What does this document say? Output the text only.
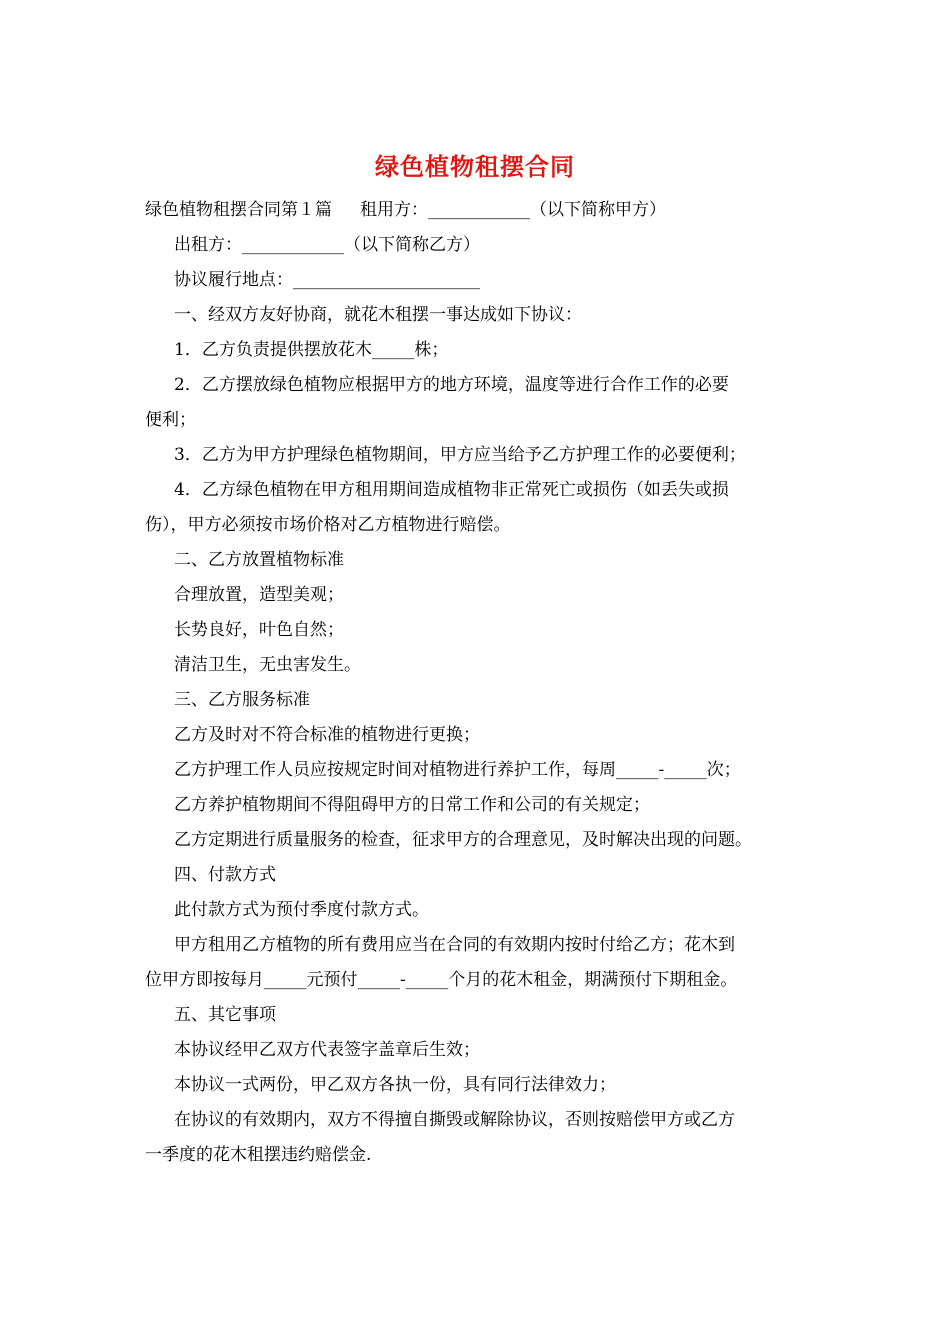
绿色植物租摆合同
绿色植物租摆合同第１篇 租用方：____________（以下简称甲方）
出租方：____________（以下简称乙方）
协议履行地点：______________________
一、经双方友好协商，就花木租摆一事达成如下协议：
1．乙方负责提供摆放花木_____株；
2．乙方摆放绿色植物应根据甲方的地方环境，温度等进行合作工作的必要
便利；
3．乙方为甲方护理绿色植物期间，甲方应当给予乙方护理工作的必要便利；
4．乙方绿色植物在甲方租用期间造成植物非正常死亡或损伤（如丢失或损
伤），甲方必须按市场价格对乙方植物进行赔偿。
二、乙方放置植物标准
合理放置，造型美观；
长势良好，叶色自然；
清洁卫生，无虫害发生。
三、乙方服务标准
乙方及时对不符合标准的植物进行更换；
乙方护理工作人员应按规定时间对植物进行养护工作，每周_____-_____次；
乙方养护植物期间不得阻碍甲方的日常工作和公司的有关规定；
乙方定期进行质量服务的检查，征求甲方的合理意见，及时解决出现的问题。
四、付款方式
此付款方式为预付季度付款方式。
甲方租用乙方植物的所有费用应当在合同的有效期内按时付给乙方；花木到
位甲方即按每月_____元预付_____-_____个月的花木租金，期满预付下期租金。
五、其它事项
本协议经甲乙双方代表签字盖章后生效；
本协议一式两份，甲乙双方各执一份，具有同行法律效力；
在协议的有效期内，双方不得擅自撕毁或解除协议，否则按赔偿甲方或乙方
一季度的花木租摆违约赔偿金.
